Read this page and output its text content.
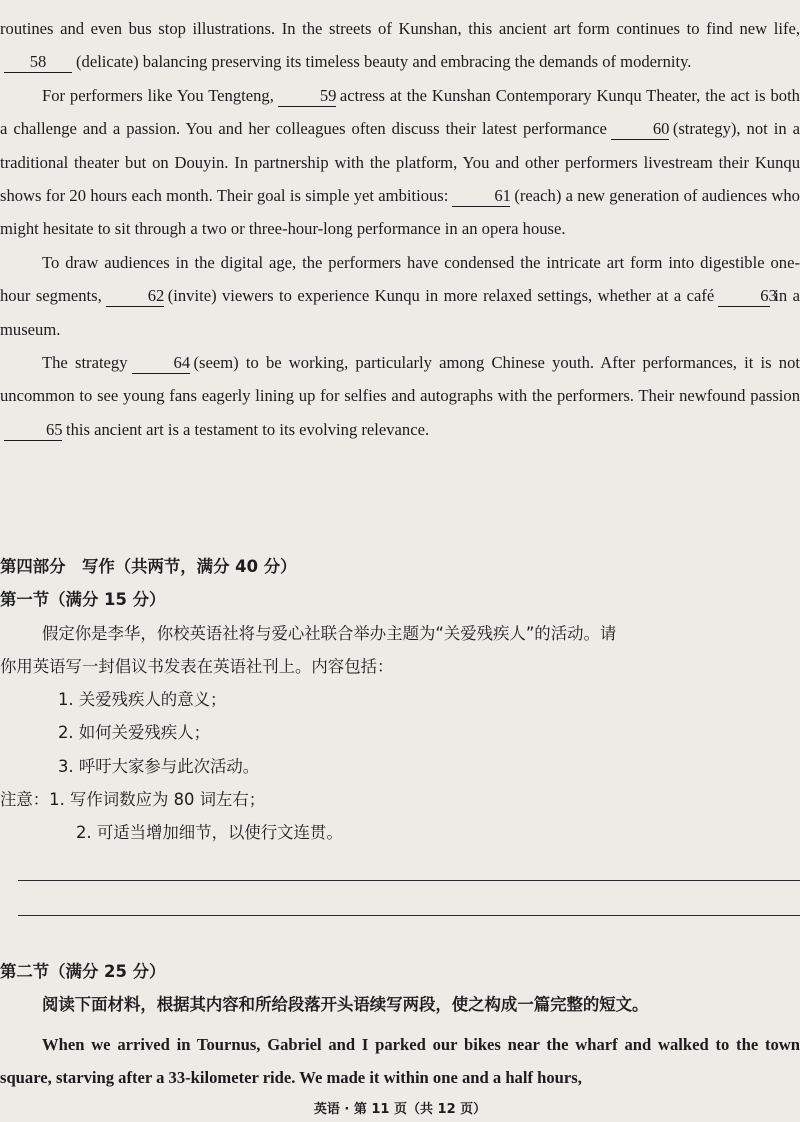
routines and even bus stop illustrations. In the streets of Kunshan, this ancient art form continues to find new life,58 (delicate) balancing preserving its timeless beauty and embracing the demands of modernity.

For performers like You Tengteng,	59 actress at the Kunshan Contemporary Kunqu Theater, the act is both a challenge and a passion. You and her colleagues often discuss their latest performance	60 (strategy), not in a traditional theater but on Douyin. In partnership with the platform, You and other performers livestream their Kunqu shows for 20 hours each month. Their goal is simple yet ambitious:	61 (reach) a new generation of audiences who might hesitate to sit through a two or three-hour-long performance in an opera house.

To draw audiences in the digital age, the performers have condensed the intricate art form into digestible one-hour segments,	62 (invite) viewers to experience Kunqu in more relaxed settings, whether at a café	63in a museum.

The strategy	64 (seem) to be working, particularly among Chinese youth. After performances, it is not uncommon to see young fans eagerly lining up for selfies and autographs with the performers. Their newfound passion65 this ancient art is a testament to its evolving relevance.

第四部分　写作（共两节，满分 40 分）
第一节（满分 15 分）
假定你是李华，你校英语社将与爱心社联合举办主题为“关爱残疾人”的活动。请
你用英语写一封倡议书发表在英语社刊上。内容包括：
1. 关爱残疾人的意义；
2. 如何关爱残疾人；
3. 呼吁大家参与此次活动。
注意：1. 写作词数应为 80 词左右；
2. 可适当增加细节，以使行文连贯。
第二节（满分 25 分）
阅读下面材料，根据其内容和所给段落开头语续写两段，使之构成一篇完整的短文。

When we arrived in Tournus, Gabriel and I parked our bikes near the wharf and walked to the town square, starving after a 33-kilometer ride. We made it within one and a half hours,

英语 · 第 11 页（共 12 页）
